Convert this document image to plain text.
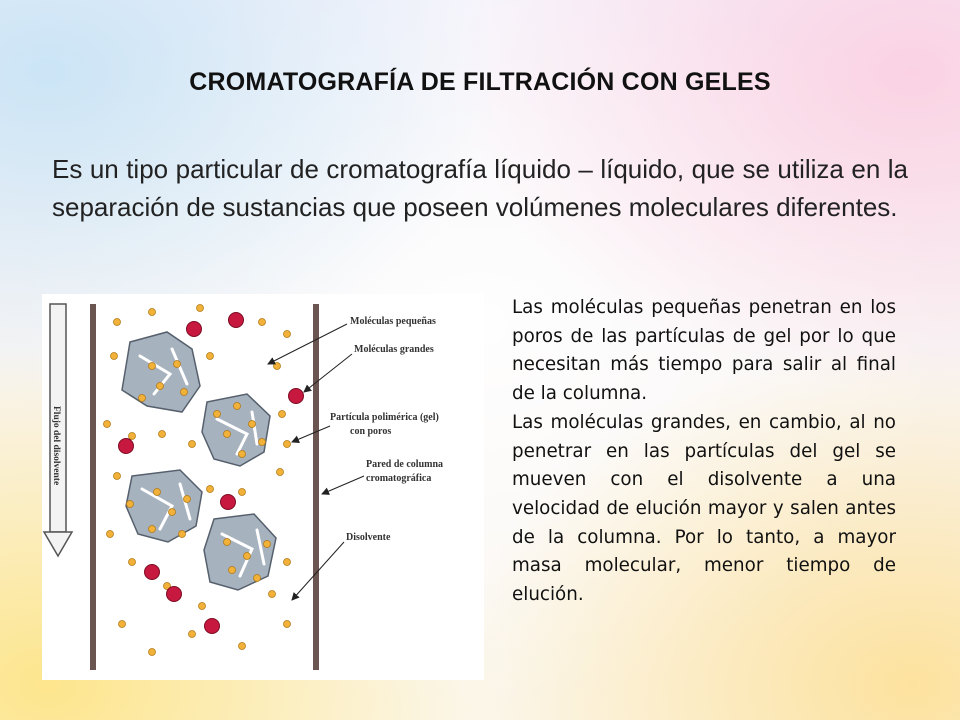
CROMATOGRAFÍA DE FILTRACIÓN CON GELES
Es un tipo particular de cromatografía líquido – líquido, que se utiliza en la separación de sustancias que poseen volúmenes moleculares diferentes.
Flujo del disolvente
Moléculas pequeñas
Moléculas grandes
Partícula polimérica (gel)
con poros
Pared de columna
cromatográfica
Disolvente

Las moléculas pequeñas penetran en los poros de las partículas de gel por lo que necesitan más tiempo para salir al final de la columna.

Las moléculas grandes, en cambio, al no penetrar en las partículas del gel se mueven con el disolvente a una velocidad de elución mayor y salen antes de la columna. Por lo tanto, a mayor masa molecular, menor tiempo de elución.
